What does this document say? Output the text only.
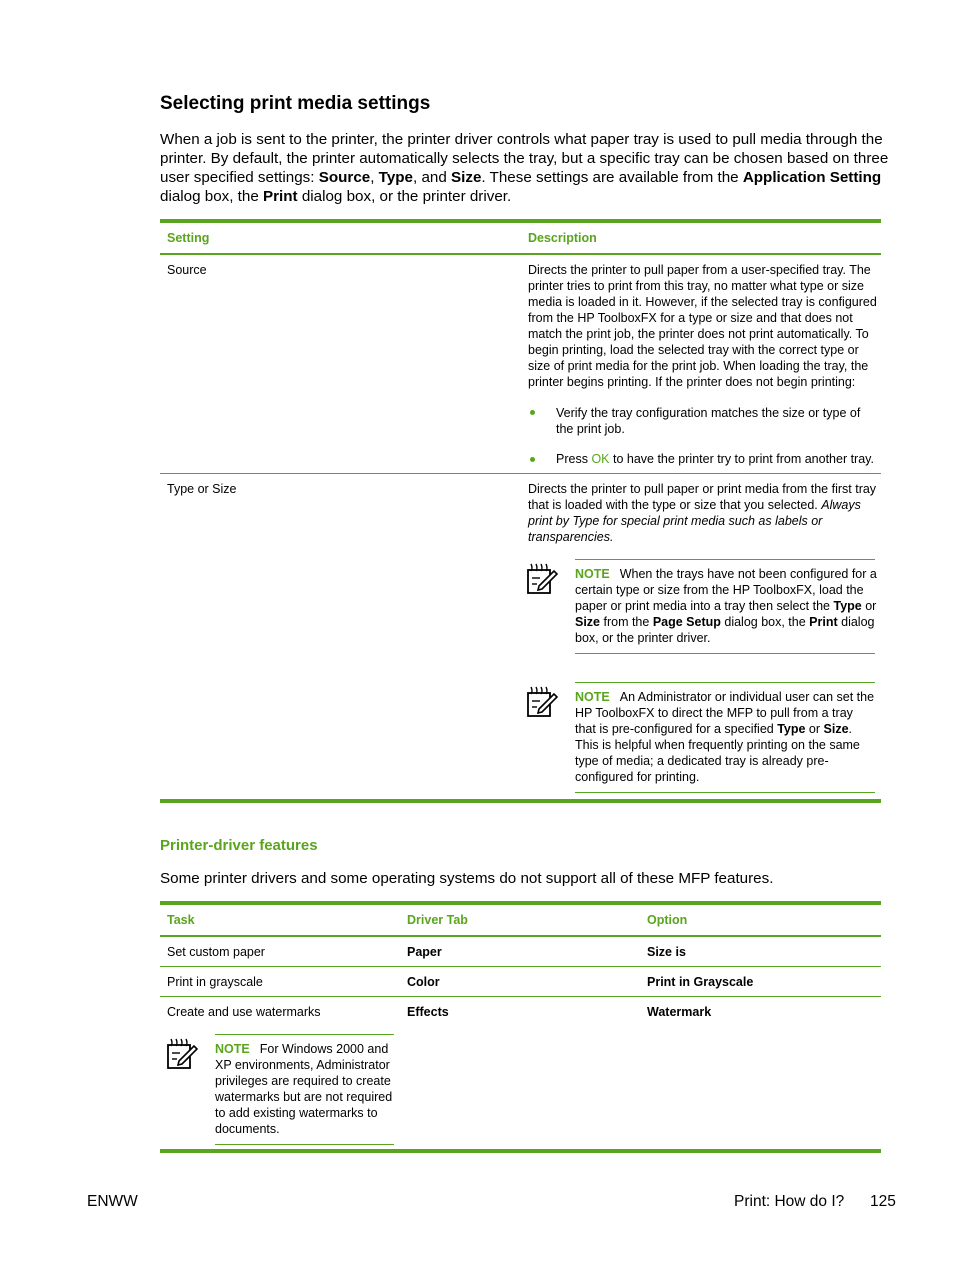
Selecting print media settings
When a job is sent to the printer, the printer driver controls what paper tray is used to pull media through the printer. By default, the printer automatically selects the tray, but a specific tray can be chosen based on three user specified settings: Source, Type, and Size. These settings are available from the Application Setting dialog box, the Print dialog box, or the printer driver.
Setting	Description
Source	Directs the printer to pull paper from a user-specified tray. The printer tries to print from this tray, no matter what type or size media is loaded in it. However, if the selected tray is configured from the HP ToolboxFX for a type or size and that does not match the print job, the printer does not print automatically. To begin printing, load the selected tray with the correct type or size of print media for the print job. When loading the tray, the printer begins printing. If the printer does not begin printing:
Verify the tray configuration matches the size or type of the print job.
Press OK to have the printer try to print from another tray.
Type or Size	Directs the printer to pull paper or print media from the first tray that is loaded with the type or size that you selected. Always print by Type for special print media such as labels or transparencies.
NOTE When the trays have not been configured for a certain type or size from the HP ToolboxFX, load the paper or print media into a tray then select the Type or Size from the Page Setup dialog box, the Print dialog box, or the printer driver.
NOTE An Administrator or individual user can set the HP ToolboxFX to direct the MFP to pull from a tray that is pre-configured for a specified Type or Size. This is helpful when frequently printing on the same type of media; a dedicated tray is already pre-configured for printing.
Printer-driver features
Some printer drivers and some operating systems do not support all of these MFP features.
Task	Driver Tab	Option
Set custom paper	Paper	Size is
Print in grayscale	Color	Print in Grayscale
Create and use watermarks	Effects	Watermark
NOTE For Windows 2000 and XP environments, Administrator privileges are required to create watermarks but are not required to add existing watermarks to documents.
ENWW	Print: How do I? 125
